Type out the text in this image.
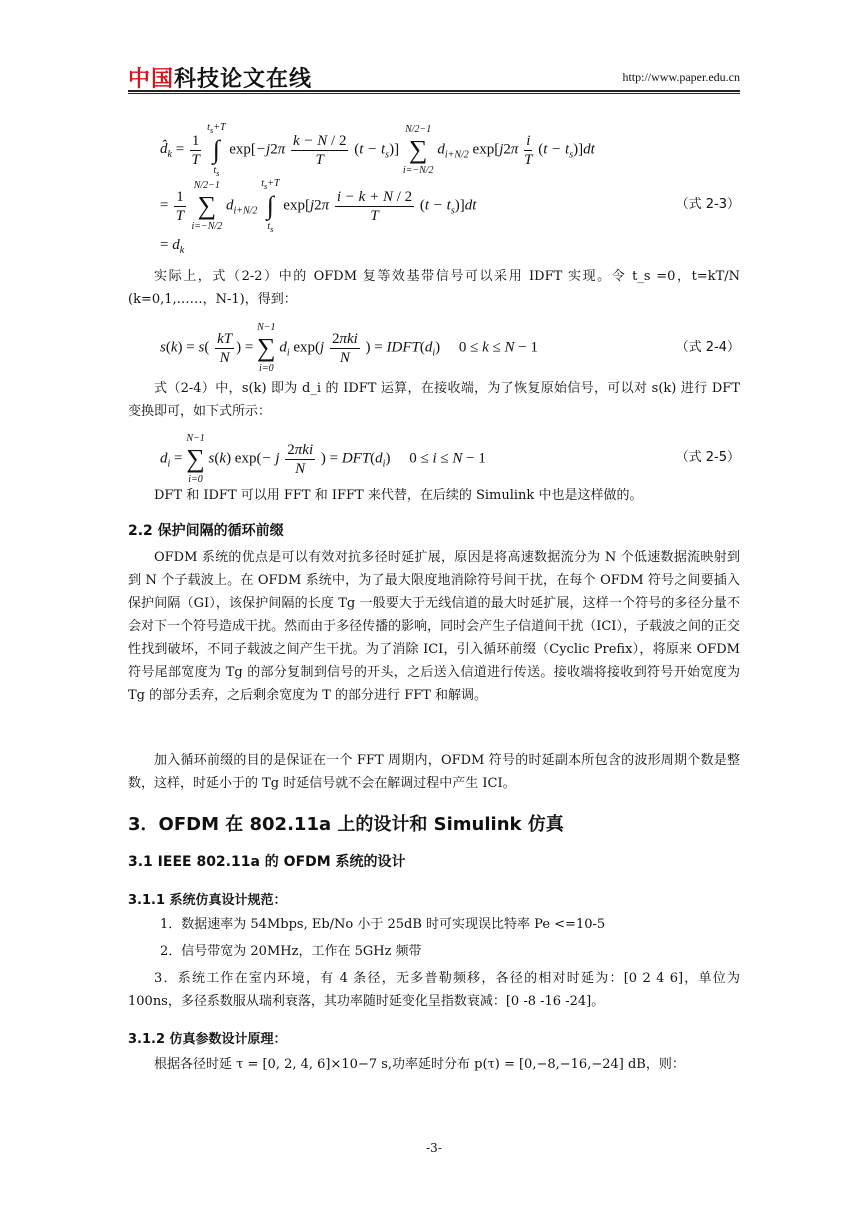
中国科技论文在线	http://www.paper.edu.cn
$d̂_k = \frac{1}{T}$

$t_s+T$
∫
$t_s$
$\exp[-j2\pi \frac{k - N / 2}{T} (t - t_s)]$
N/2−1
∑
i=−N/2
$d_{i+N/2}$ $\exp[j2\pi \frac{i}{T} (t - t_s)]dt$
= $\frac{1}{T}$

N/2−1
∑
i=−N/2
$d_{i+N/2}$
$t_s+T$
∫
$t_s$
$\exp[j2\pi \frac{i - k + N / 2}{T} (t - t_s)]dt$	（式 2-3）
= $d_k$
实际上，式（2-2）中的 OFDM 复等效基带信号可以采用 IDFT 实现。令 t_s =0，t=kT/N (k=0,1,……，N-1)，得到：
$s(k) = s( \frac{kT}{N}$ ) =
N−1
∑
i=0
$d_i$ $\exp(j \frac{\text{2πki}}{N}$ ) = $IDFT(d_i) 0 \le k \le N - 1$	（式 2-4）
式（2-4）中，s(k) 即为 d_i 的 IDFT 运算，在接收端，为了恢复原始信号，可以对 s(k) 进行 DFT 变换即可，如下式所示：
$d_i$ =
N−1
∑
i=0
s(k) exp(− j $\frac{\text{2πki}}{N}$ ) = $DFT(d_i) 0 \le i \le N - 1$	（式 2-5）
DFT 和 IDFT 可以用 FFT 和 IFFT 来代替，在后续的 Simulink 中也是这样做的。
2.2 保护间隔的循环前缀
OFDM 系统的优点是可以有效对抗多径时延扩展，原因是将高速数据流分为 N 个低速数据流映射到到 N 个子载波上。在 OFDM 系统中，为了最大限度地消除符号间干扰，在每个 OFDM 符号之间要插入保护间隔（GI），该保护间隔的长度 Tg 一般要大于无线信道的最大时延扩展，这样一个符号的多径分量不会对下一个符号造成干扰。然而由于多径传播的影响，同时会产生子信道间干扰（ICI），子载波之间的正交性找到破坏，不同子载波之间产生干扰。为了消除 ICI，引入循环前缀（Cyclic Prefix），将原来 OFDM 符号尾部宽度为 Tg 的部分复制到信号的开头，之后送入信道进行传送。接收端将接收到符号开始宽度为 Tg 的部分丢弃，之后剩余宽度为 T 的部分进行 FFT 和解调。
加入循环前缀的目的是保证在一个 FFT 周期内，OFDM 符号的时延副本所包含的波形周期个数是整数，这样，时延小于的 Tg 时延信号就不会在解调过程中产生 ICI。
3．OFDM 在 802.11a 上的设计和 Simulink 仿真
3.1 IEEE 802.11a 的 OFDM 系统的设计
3.1.1 系统仿真设计规范：
1．数据速率为 54Mbps, Eb/No 小于 25dB 时可实现误比特率 Pe <=10-5
2．信号带宽为 20MHz，工作在 5GHz 频带
3．系统工作在室内环境，有 4 条径，无多普勒频移，各径的相对时延为：[0 2 4 6]，单位为 100ns，多径系数服从瑞利衰落，其功率随时延变化呈指数衰减：[0 -8 -16 -24]。
3.1.2 仿真参数设计原理：
根据各径时延 τ = [0, 2, 4, 6]×10−7 s,功率延时分布 p(τ) = [0,−8,−16,−24] dB，则：
-3-
